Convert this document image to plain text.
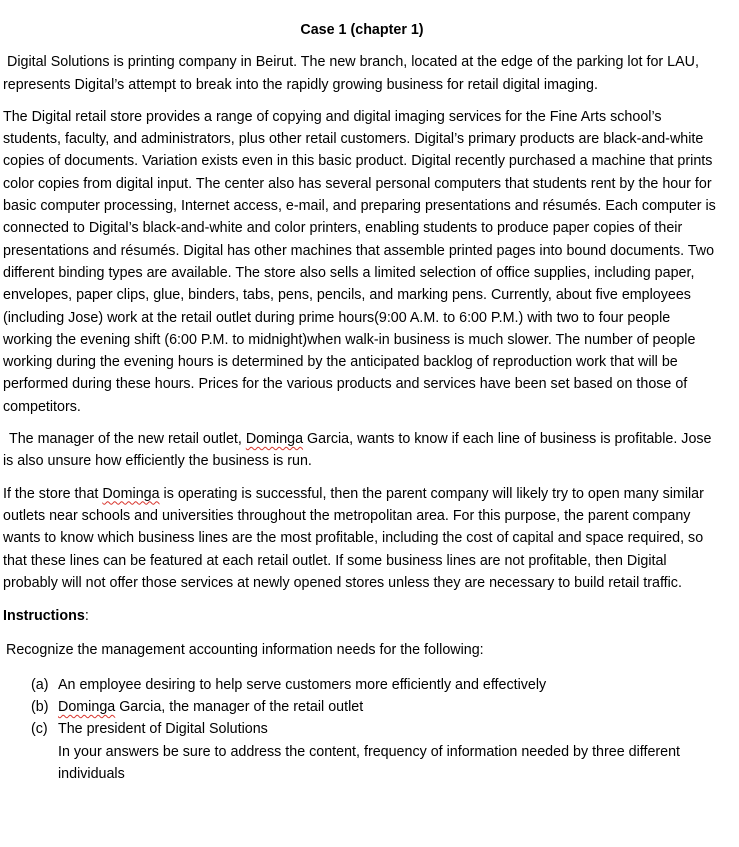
Case 1 (chapter 1)

Digital Solutions is printing company in Beirut. The new branch, located at the edge of the parking lot for LAU, represents Digital’s attempt to break into the rapidly growing business for retail digital imaging.

The Digital retail store provides a range of copying and digital imaging services for the Fine Arts school’s students, faculty, and administrators, plus other retail customers. Digital’s primary products are black-and-white copies of documents. Variation exists even in this basic product. Digital recently purchased a machine that prints color copies from digital input. The center also has several personal computers that students rent by the hour for basic computer processing, Internet access, e-mail, and preparing presentations and résumés. Each computer is connected to Digital’s black-and-white and color printers, enabling students to produce paper copies of their presentations and résumés. Digital has other machines that assemble printed pages into bound documents. Two different binding types are available. The store also sells a limited selection of office supplies, including paper, envelopes, paper clips, glue, binders, tabs, pens, pencils, and marking pens. Currently, about five employees (including Jose) work at the retail outlet during prime hours(9:00 A.M. to 6:00 P.M.) with two to four people working the evening shift (6:00 P.M. to midnight)when walk-in business is much slower. The number of people working during the evening hours is determined by the anticipated backlog of reproduction work that will be performed during these hours. Prices for the various products and services have been set based on those of competitors.

The manager of the new retail outlet, Dominga Garcia, wants to know if each line of business is profitable. Jose is also unsure how efficiently the business is run.

If the store that Dominga is operating is successful, then the parent company will likely try to open many similar outlets near schools and universities throughout the metropolitan area. For this purpose, the parent company wants to know which business lines are the most profitable, including the cost of capital and space required, so that these lines can be featured at each retail outlet. If some business lines are not profitable, then Digital probably will not offer those services at newly opened stores unless they are necessary to build retail traffic.

Instructions:

Recognize the management accounting information needs for the following:

(a) An employee desiring to help serve customers more efficiently and effectively
(b) Dominga Garcia, the manager of the retail outlet
(c) The president of Digital Solutions
In your answers be sure to address the content, frequency of information needed by three different individuals
